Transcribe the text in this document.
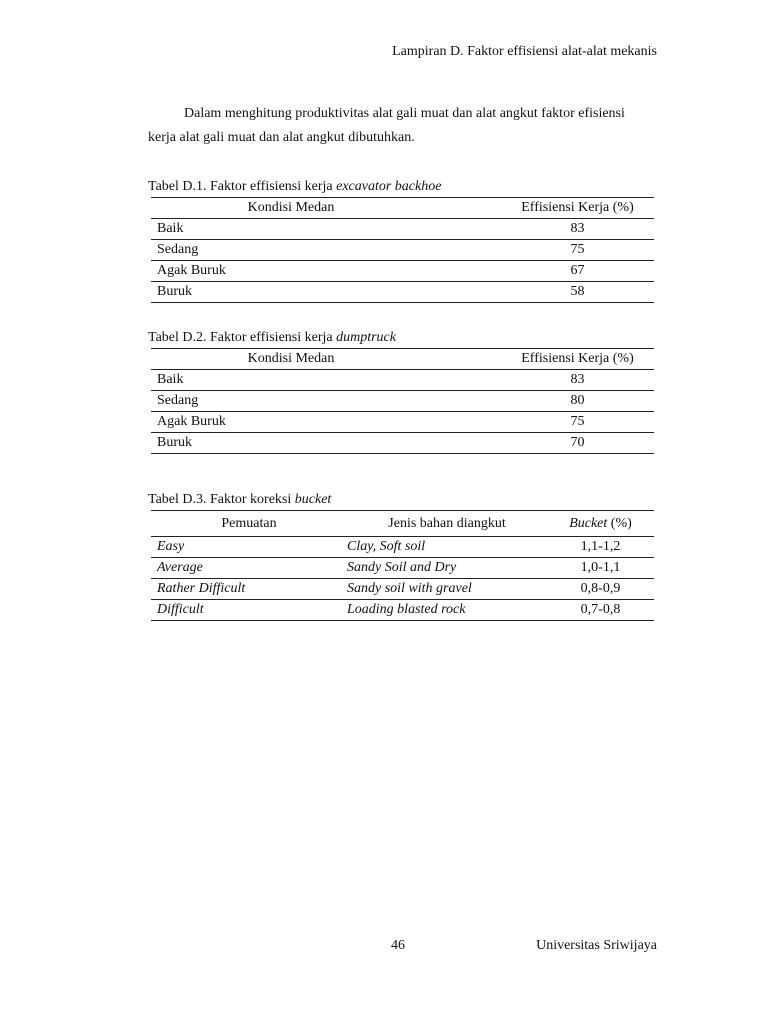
Lampiran D. Faktor effisiensi alat-alat mekanis
Dalam menghitung produktivitas alat gali muat dan alat angkut faktor efisiensi kerja alat gali muat dan alat angkut dibutuhkan.
Tabel D.1. Faktor effisiensi kerja excavator backhoe
Kondisi Medan	Effisiensi Kerja (%)
Baik	83
Sedang	75
Agak Buruk	67
Buruk	58
Tabel D.2. Faktor effisiensi kerja dumptruck
Kondisi Medan	Effisiensi Kerja (%)
Baik	83
Sedang	80
Agak Buruk	75
Buruk	70
Tabel D.3. Faktor koreksi bucket
Pemuatan	Jenis bahan diangkut	Bucket (%)
Easy	Clay, Soft soil	1,1-1,2
Average	Sandy Soil and Dry	1,0-1,1
Rather Difficult	Sandy soil with gravel	0,8-0,9
Difficult	Loading blasted rock	0,7-0,8
46	Universitas Sriwijaya
